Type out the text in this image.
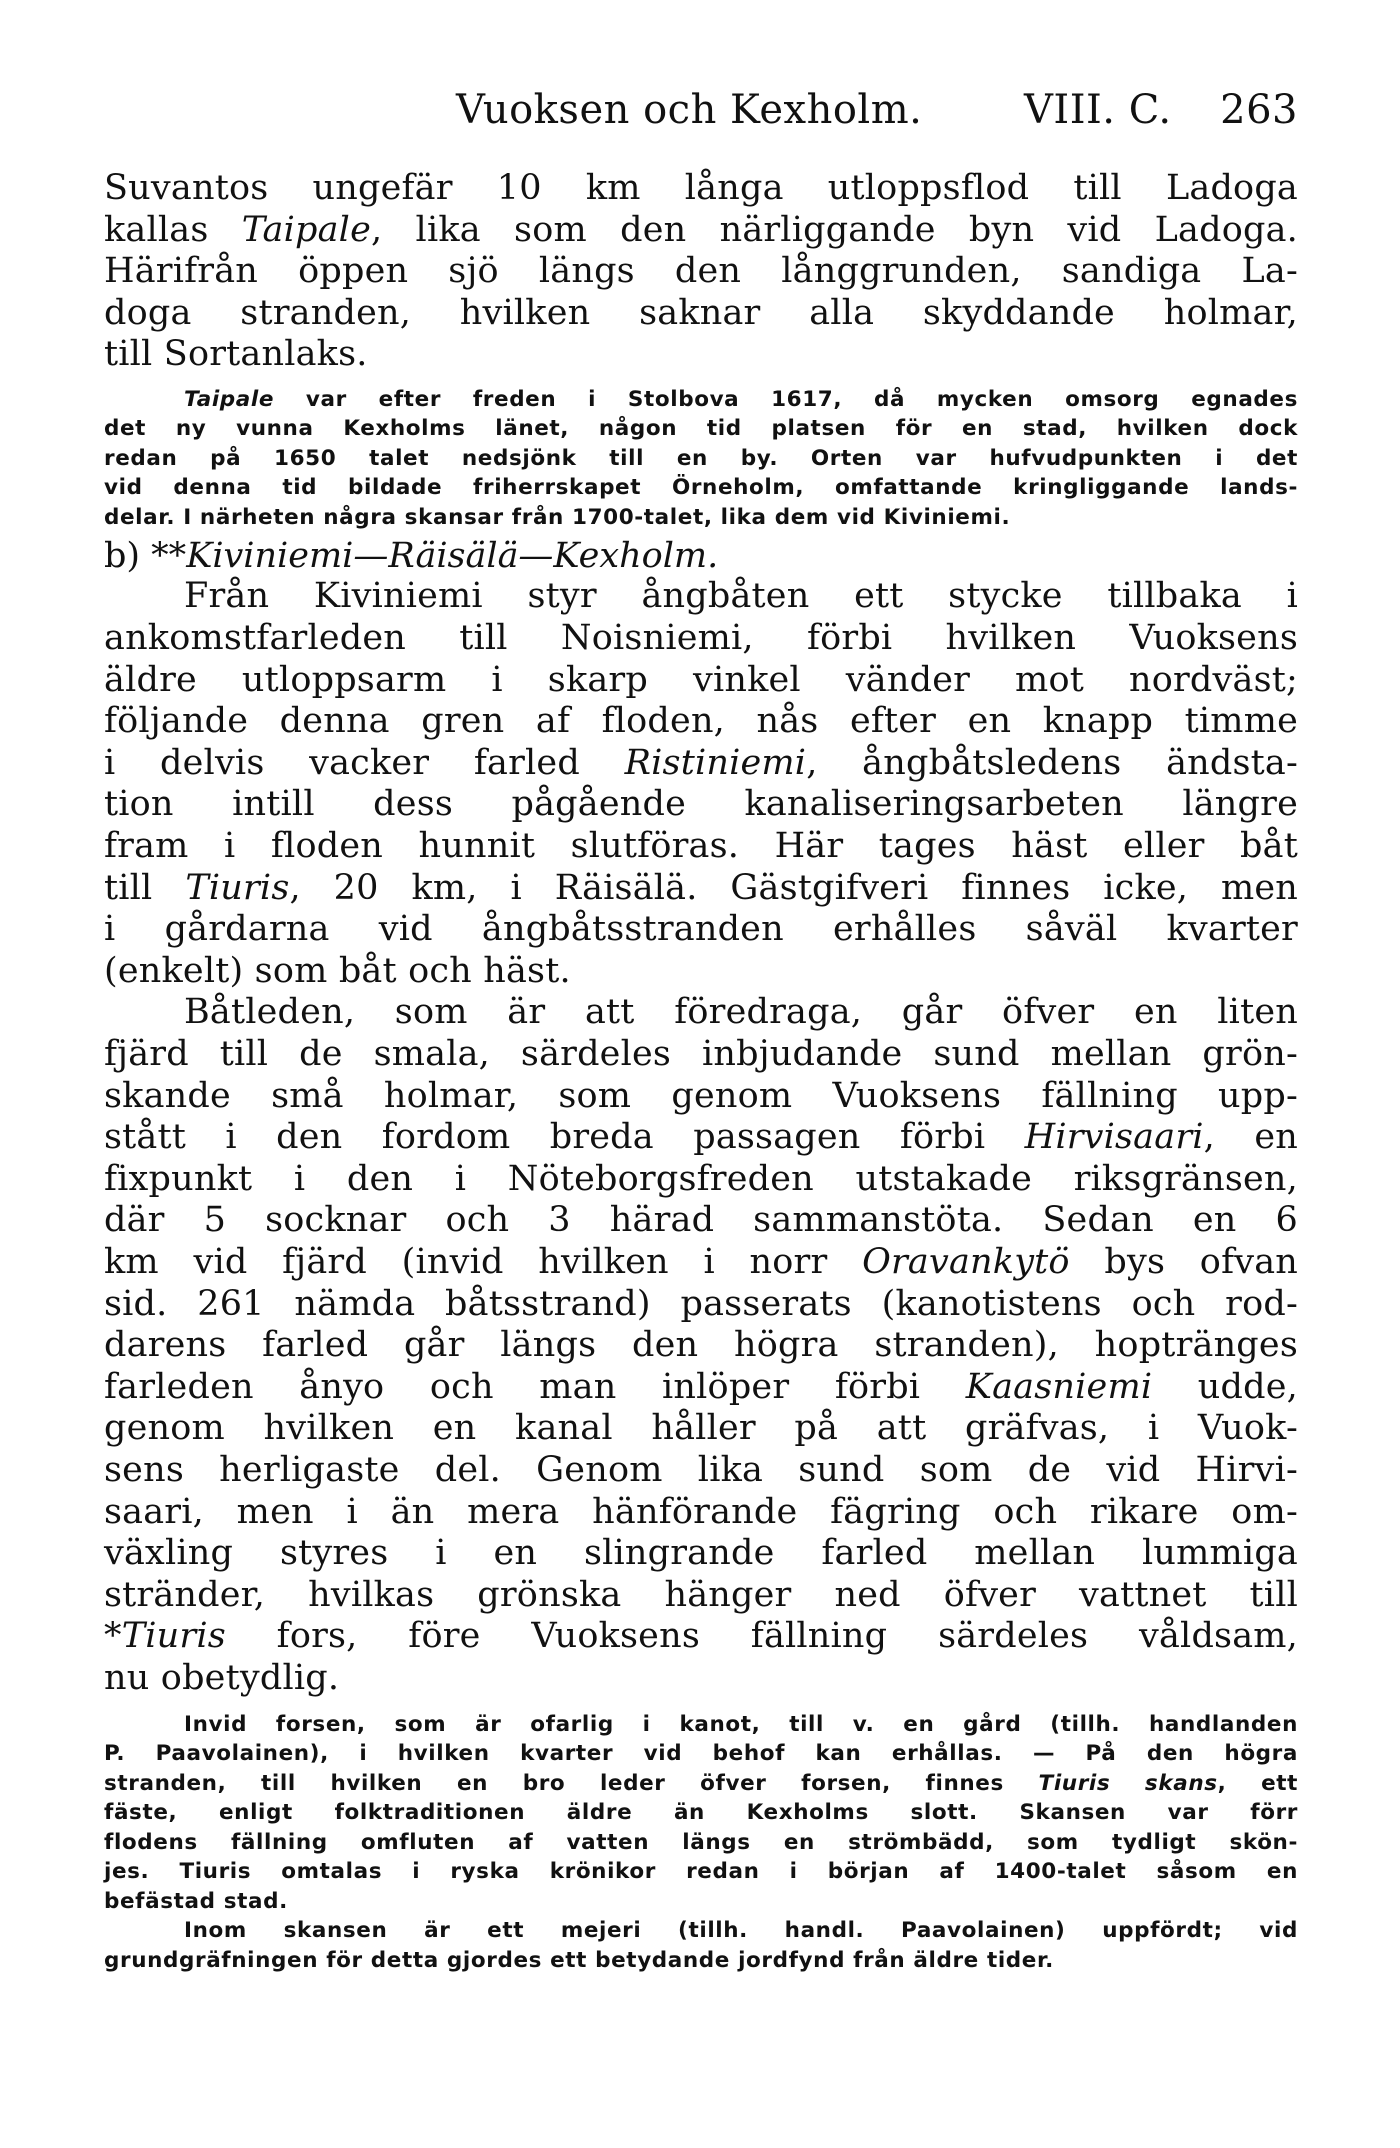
Vuoksen och Kexholm.	VIII. C. 263
Suvantos ungefär 10 km långa utloppsflod till Ladoga
kallas Taipale, lika som den närliggande byn vid Ladoga.
Härifrån öppen sjö längs den långgrunden, sandiga La-
doga stranden, hvilken saknar alla skyddande holmar,
till Sortanlaks.
Taipale var efter freden i Stolbova 1617, då mycken omsorg egnades
det ny vunna Kexholms länet, någon tid platsen för en stad, hvilken dock
redan på 1650 talet nedsjönk till en by. Orten var hufvudpunkten i det
vid denna tid bildade friherrskapet Örneholm, omfattande kringliggande lands-
delar. I närheten några skansar från 1700-talet, lika dem vid Kiviniemi.
b) **Kiviniemi—Räisälä—Kexholm.
Från Kiviniemi styr ångbåten ett stycke tillbaka i
ankomstfarleden till Noisniemi, förbi hvilken Vuoksens
äldre utloppsarm i skarp vinkel vänder mot nordväst;
följande denna gren af floden, nås efter en knapp timme
i delvis vacker farled Ristiniemi, ångbåtsledens ändsta-
tion intill dess pågående kanaliseringsarbeten längre
fram i floden hunnit slutföras. Här tages häst eller båt
till Tiuris, 20 km, i Räisälä. Gästgifveri finnes icke, men
i gårdarna vid ångbåtsstranden erhålles såväl kvarter
(enkelt) som båt och häst.
Båtleden, som är att föredraga, går öfver en liten
fjärd till de smala, särdeles inbjudande sund mellan grön-
skande små holmar, som genom Vuoksens fällning upp-
stått i den fordom breda passagen förbi Hirvisaari, en
fixpunkt i den i Nöteborgsfreden utstakade riksgränsen,
där 5 socknar och 3 härad sammanstöta. Sedan en 6
km vid fjärd (invid hvilken i norr Oravankytö bys ofvan
sid. 261 nämda båtsstrand) passerats (kanotistens och rod-
darens farled går längs den högra stranden), hoptränges
farleden ånyo och man inlöper förbi Kaasniemi udde,
genom hvilken en kanal håller på att gräfvas, i Vuok-
sens herligaste del. Genom lika sund som de vid Hirvi-
saari, men i än mera hänförande fägring och rikare om-
växling styres i en slingrande farled mellan lummiga
stränder, hvilkas grönska hänger ned öfver vattnet till
*Tiuris fors, före Vuoksens fällning särdeles våldsam,
nu obetydlig.
Invid forsen, som är ofarlig i kanot, till v. en gård (tillh. handlanden
P. Paavolainen), i hvilken kvarter vid behof kan erhållas. — På den högra
stranden, till hvilken en bro leder öfver forsen, finnes Tiuris skans, ett
fäste, enligt folktraditionen äldre än Kexholms slott. Skansen var förr
flodens fällning omfluten af vatten längs en strömbädd, som tydligt skön-
jes. Tiuris omtalas i ryska krönikor redan i början af 1400-talet såsom en
befästad stad.
Inom skansen är ett mejeri (tillh. handl. Paavolainen) uppfördt; vid
grundgräfningen för detta gjordes ett betydande jordfynd från äldre tider.
